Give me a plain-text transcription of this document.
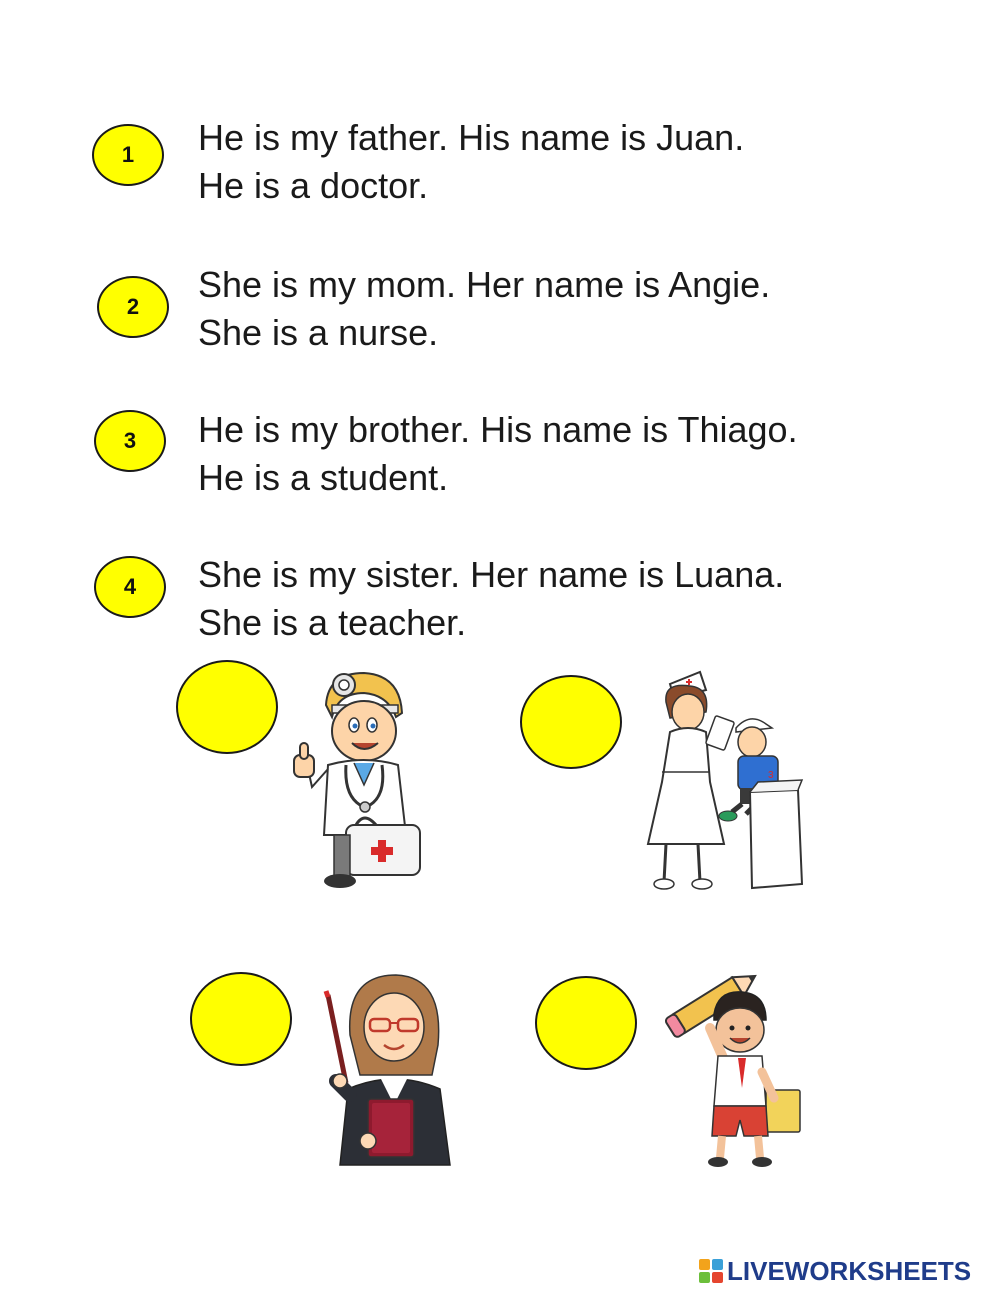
1	He is my father. His name is Juan.
He is a doctor.
2
She is my mom. Her name is Angie.
She is a nurse.
3	He is my brother. His name is Thiago.
He is a student.
4	She is my sister. Her name is Luana.
She is a teacher.
3
LIVEWORKSHEETS
